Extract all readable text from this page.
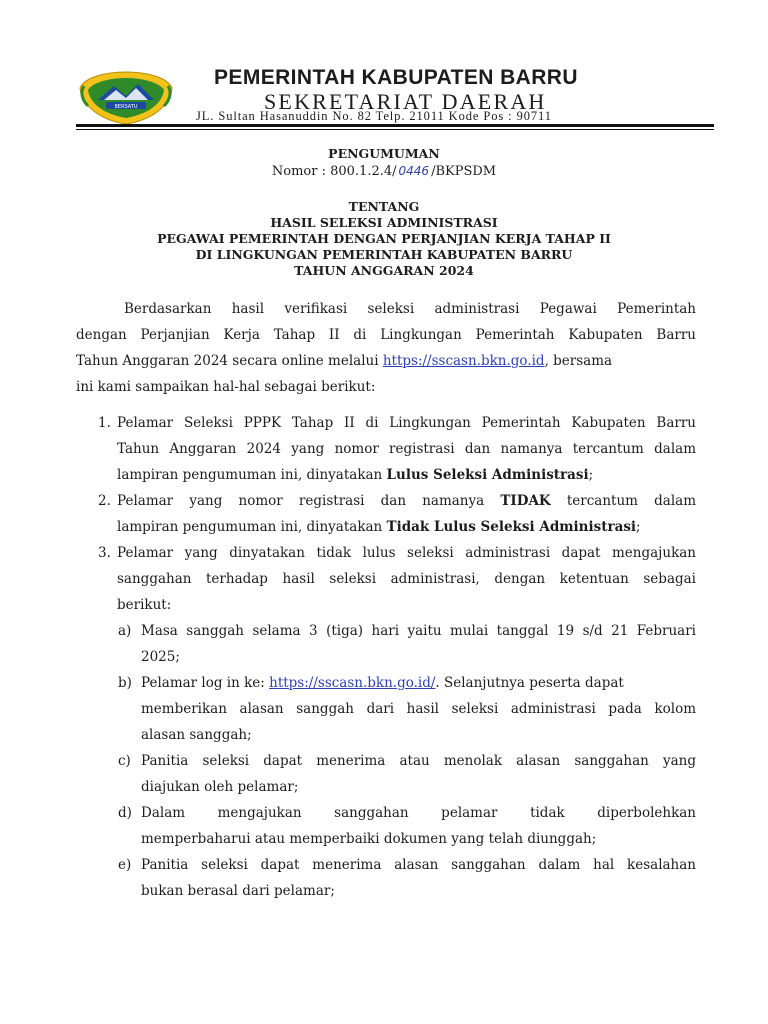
BERSATU
PEMERINTAH KABUPATEN BARRU
SEKRETARIAT DAERAH
JL. Sultan Hasanuddin No. 82 Telp. 21011 Kode Pos : 90711
PENGUMUMAN
Nomor : 800.1.2.4/ 0446 /BKPSDM
TENTANG
HASIL SELEKSI ADMINISTRASI
PEGAWAI PEMERINTAH DENGAN PERJANJIAN KERJA TAHAP II
DI LINGKUNGAN PEMERINTAH KABUPATEN BARRU
TAHUN ANGGARAN 2024
Berdasarkan hasil verifikasi seleksi administrasi Pegawai Pemerintah
dengan Perjanjian Kerja Tahap II di Lingkungan Pemerintah Kabupaten Barru
Tahun Anggaran 2024 secara online melalui https://sscasn.bkn.go.id, bersama
ini kami sampaikan hal-hal sebagai berikut:
1. Pelamar Seleksi PPPK Tahap II di Lingkungan Pemerintah Kabupaten Barru
Tahun Anggaran 2024 yang nomor registrasi dan namanya tercantum dalam
lampiran pengumuman ini, dinyatakan Lulus Seleksi Administrasi;
2. Pelamar yang nomor registrasi dan namanya TIDAK tercantum dalam
lampiran pengumuman ini, dinyatakan Tidak Lulus Seleksi Administrasi;
3. Pelamar yang dinyatakan tidak lulus seleksi administrasi dapat mengajukan
sanggahan terhadap hasil seleksi administrasi, dengan ketentuan sebagai
berikut:
a) Masa sanggah selama 3 (tiga) hari yaitu mulai tanggal 19 s/d 21 Februari
2025;
b) Pelamar log in ke: https://sscasn.bkn.go.id/. Selanjutnya peserta dapat
memberikan alasan sanggah dari hasil seleksi administrasi pada kolom
alasan sanggah;
c) Panitia seleksi dapat menerima atau menolak alasan sanggahan yang
diajukan oleh pelamar;
d) Dalam mengajukan sanggahan pelamar tidak diperbolehkan
memperbaharui atau memperbaiki dokumen yang telah diunggah;
e) Panitia seleksi dapat menerima alasan sanggahan dalam hal kesalahan
bukan berasal dari pelamar;
